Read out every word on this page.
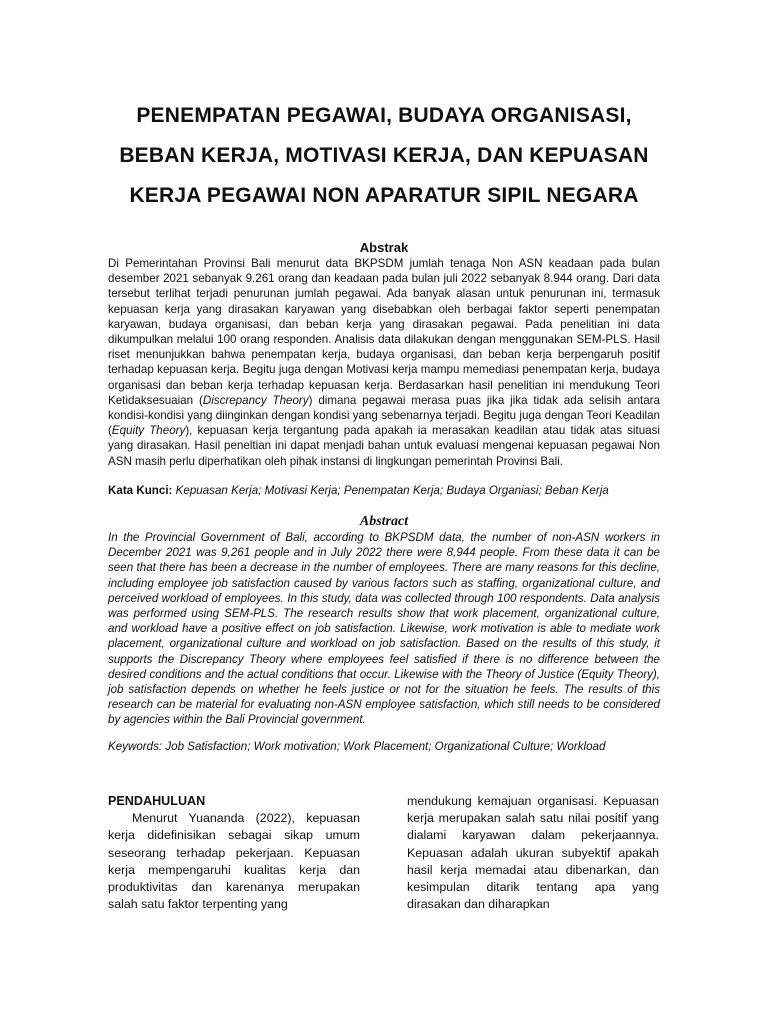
PENEMPATAN PEGAWAI, BUDAYA ORGANISASI,
BEBAN KERJA, MOTIVASI KERJA, DAN KEPUASAN
KERJA PEGAWAI NON APARATUR SIPIL NEGARA
Abstrak
Di Pemerintahan Provinsi Bali menurut data BKPSDM jumlah tenaga Non ASN keadaan pada bulan desember 2021 sebanyak 9.261 orang dan keadaan pada bulan juli 2022 sebanyak 8.944 orang. Dari data tersebut terlihat terjadi penurunan jumlah pegawai. Ada banyak alasan untuk penurunan ini, termasuk kepuasan kerja yang dirasakan karyawan yang disebabkan oleh berbagai faktor seperti penempatan karyawan, budaya organisasi, dan beban kerja yang dirasakan pegawai. Pada penelitian ini data dikumpulkan melalui 100 orang responden. Analisis data dilakukan dengan menggunakan SEM-PLS. Hasil riset menunjukkan bahwa penempatan kerja, budaya organisasi, dan beban kerja berpengaruh positif terhadap kepuasan kerja. Begitu juga dengan Motivasi kerja mampu memediasi penempatan kerja, budaya organisasi dan beban kerja terhadap kepuasan kerja. Berdasarkan hasil penelitian ini mendukung Teori Ketidaksesuaian (Discrepancy Theory) dimana pegawai merasa puas jika jika tidak ada selisih antara kondisi-kondisi yang diinginkan dengan kondisi yang sebenarnya terjadi. Begitu juga dengan Teori Keadilan (Equity Theory), kepuasan kerja tergantung pada apakah ia merasakan keadilan atau tidak atas situasi yang dirasakan. Hasil peneltian ini dapat menjadi bahan untuk evaluasi mengenai kepuasan pegawai Non ASN masih perlu diperhatikan oleh pihak instansi di lingkungan pemerintah Provinsi Bali.
Kata Kunci: Kepuasan Kerja; Motivasi Kerja; Penempatan Kerja; Budaya Organiasi; Beban Kerja
Abstract
In the Provincial Government of Bali, according to BKPSDM data, the number of non-ASN workers in December 2021 was 9,261 people and in July 2022 there were 8,944 people. From these data it can be seen that there has been a decrease in the number of employees. There are many reasons for this decline, including employee job satisfaction caused by various factors such as staffing, organizational culture, and perceived workload of employees. In this study, data was collected through 100 respondents. Data analysis was performed using SEM-PLS. The research results show that work placement, organizational culture, and workload have a positive effect on job satisfaction. Likewise, work motivation is able to mediate work placement, organizational culture and workload on job satisfaction. Based on the results of this study, it supports the Discrepancy Theory where employees feel satisfied if there is no difference between the desired conditions and the actual conditions that occur. Likewise with the Theory of Justice (Equity Theory), job satisfaction depends on whether he feels justice or not for the situation he feels. The results of this research can be material for evaluating non-ASN employee satisfaction, which still needs to be considered by agencies within the Bali Provincial government.
Keywords: Job Satisfaction; Work motivation; Work Placement; Organizational Culture; Workload
PENDAHULUAN
Menurut Yuananda (2022), kepuasan kerja didefinisikan sebagai sikap umum seseorang terhadap pekerjaan. Kepuasan kerja mempengaruhi kualitas kerja dan produktivitas dan karenanya merupakan salah satu faktor terpenting yang
mendukung kemajuan organisasi. Kepuasan kerja merupakan salah satu nilai positif yang dialami karyawan dalam pekerjaannya. Kepuasan adalah ukuran subyektif apakah hasil kerja memadai atau dibenarkan, dan kesimpulan ditarik tentang apa yang dirasakan dan diharapkan
